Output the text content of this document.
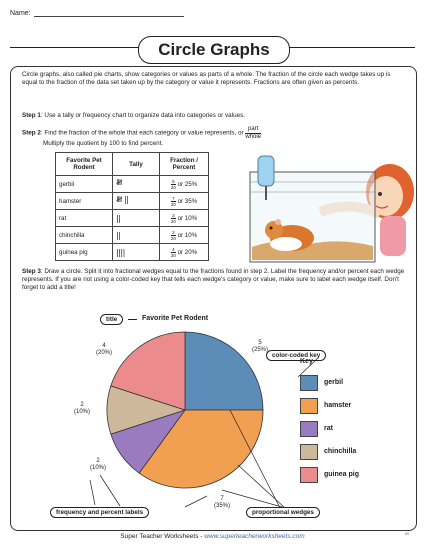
Name:
Circle Graphs
Circle graphs, also called pie charts, show categories or values as parts of a whole. The fraction of the circle each wedge takes up is equal to the fraction of the data set taken up by the category or value it represents. Fractions are often given as percents.
Step 1: Use a tally or frequency chart to organize data into categories or values.
Step 2: Find the fraction of the whole that each category or value represents, or $\frac{\text{part}}{\text{whole}}$ .
Multiply the quotient by 100 to find percent.
Favorite Pet Rodent	Tally	Fraction / Percent
gerbil	𝍸	$\frac{5}{20}$ or 25%
hamster	𝍸 ||	$\frac{7}{20}$ or 35%
rat	||	$\frac{2}{20}$ or 10%
chinchilla	||	$\frac{2}{20}$ or 10%
guinea pig	||||	$\frac{4}{20}$ or 20%
Step 3: Draw a circle. Split it into fractional wedges equal to the fractions found in step 2. Label the frequency and/or percent each wedge represents. If you are not using a color-coded key that tells each wedge's category or value, make sure to label each wedge itself. Don't forget to add a title!
title	Favorite Pet Rodent
color-coded key
5
(25%)
7
(35%)
2
(10%)
2
(10%)
4
(20%)
Key
gerbil
hamster
rat
chinchilla
guinea pig
frequency and percent labels	proportional wedges
Super Teacher Worksheets - www.superteacherworksheets.com	65
